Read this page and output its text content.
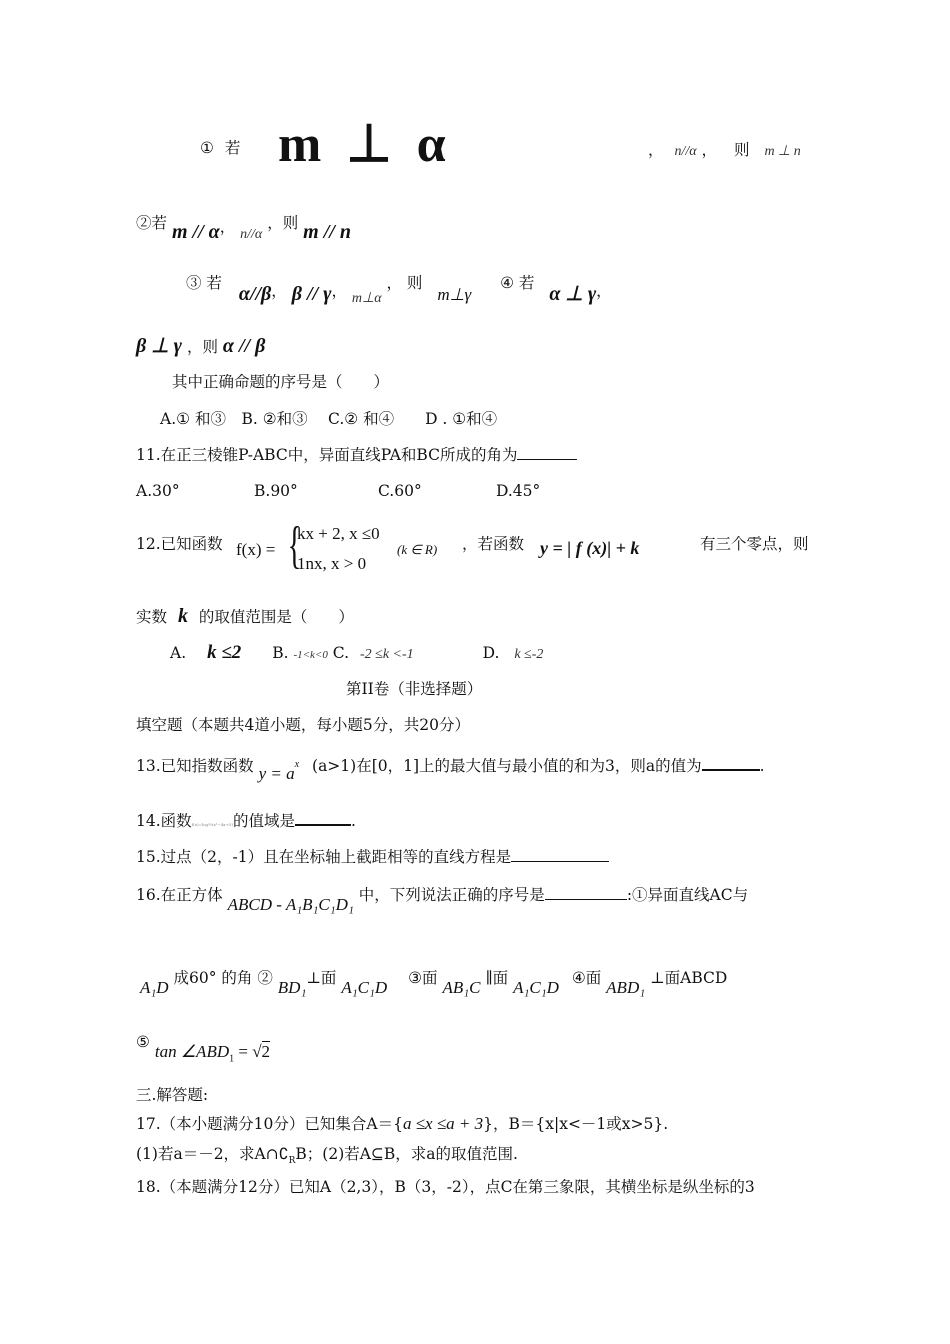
① 若 m ⊥ α	， n//α ， 则 m ⊥ n
②若 m // α， n//α ，则 m // n
③ 若 α//β， β // γ， m⊥α ， 则 m⊥γ ④ 若 α ⊥ γ，
β ⊥ γ ，则 α // β
其中正确命题的序号是（　　）
A.① 和③　B. ②和③　 C.② 和④　　D . ①和④
11.在正三棱锥P-ABC中，异面直线PA和BC所成的角为
A.30°	B.90°	C.60°	D.45°
12.已知函数 f(x) = {
kx + 2, x ≤0
1nx, x > 0
(k ∈ R) ，若函数 y = | f (x)| + k	有三个零点，则
实数 k 的取值范围是（　　）
A. k ≤2 B. -1<k<0 C. -2 ≤k <-1	D. k ≤-2
第II卷（非选择题）
填空题（本题共4道小题，每小题5分，共20分）
13.已知指数函数 $y = a^x$ (a>1)在[0，1]上的最大值与最小值的和为3，则a的值为	.
14.函数f(x)=log½(x²−4x+5)的值域是	.
15.过点（2，-1）且在坐标轴上截距相等的直线方程是
16.在正方体 ABCD - A₁B₁C₁D₁ 中，下列说法正确的序号是	:①异面直线AC与
A₁D 成60° 的角 ② BD₁⊥面 A₁C₁D ③面 AB₁C ∥面 A₁C₁D ④面 ABD₁ ⊥面ABCD
⑤ $\tan \angle ABD_1 = √2$
三.解答题:
17.（本小题满分10分）已知集合A＝{a ≤x ≤a + 3}，B＝{x|x<－1或x>5}.
(1)若a＝－2，求$A\cap∁_RB$；(2)若A⊆B，求a的取值范围.
18.（本题满分12分）已知A（2,3），B（3，-2），点C在第三象限，其横坐标是纵坐标的3
